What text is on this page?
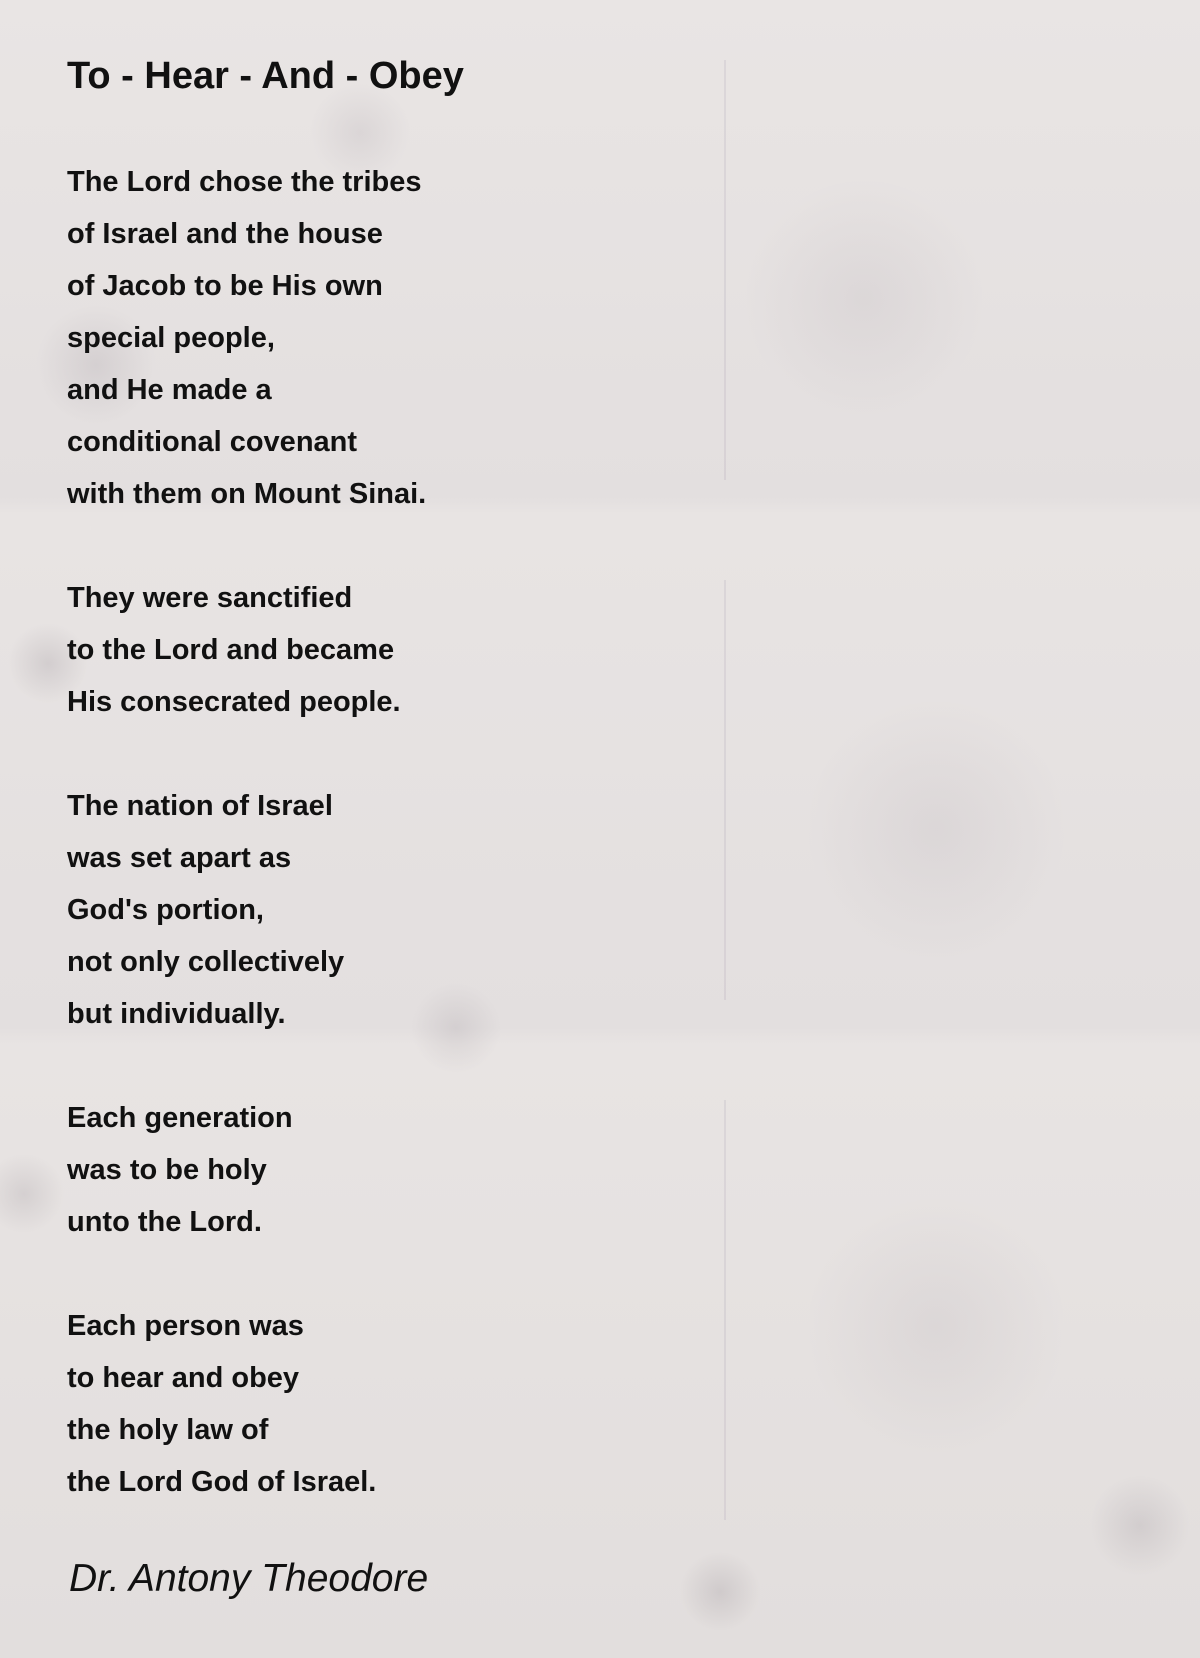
To - Hear - And - Obey
The Lord chose the tribes
of Israel and the house
of Jacob to be His own
special people,
and He made a
conditional covenant
with them on Mount Sinai.
They were sanctified
to the Lord and became
His consecrated people.
The nation of Israel
was set apart as
God's portion,
not only collectively
but individually.
Each generation
was to be holy
unto the Lord.
Each person was
to hear and obey
the holy law of
the Lord God of Israel.
Dr. Antony Theodore
